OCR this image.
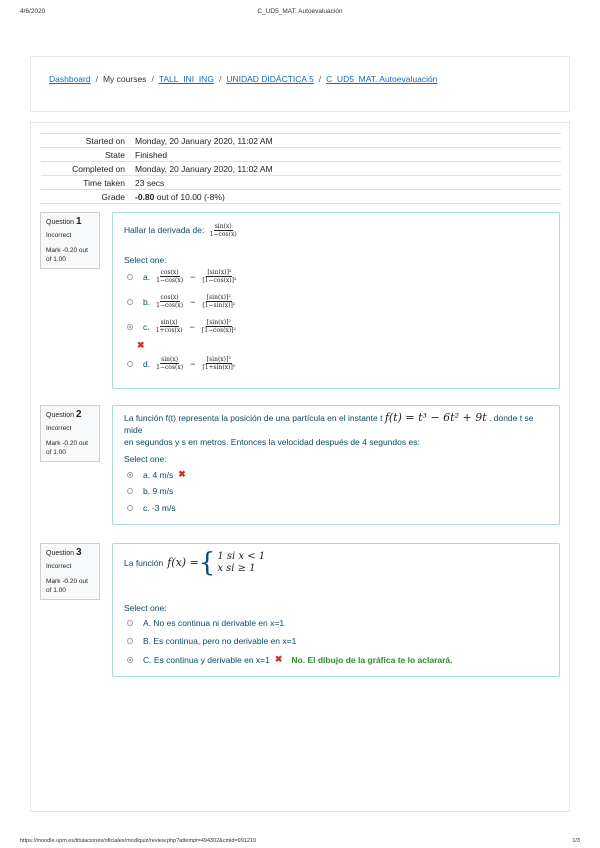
4/6/2020	C_UD5_MAT. Autoevaluación
Dashboard / My courses / TALL_INI_ING / UNIDAD DIDÁCTICA 5 / C_UD5_MAT. Autoevaluación
Started on	Monday, 20 January 2020, 11:02 AM
State	Finished
Completed on	Monday, 20 January 2020, 11:02 AM
Time taken	23 secs
Grade	-0.80 out of 10.00 (-8%)
Question 1
Incorrect
Mark -0.20 out of 1.00
Hallar la derivada de: $\frac{\sin(x)}{1-\cos(x)}$
Select one:
a. $\frac{\cos(x)}{1-\cos(x)} - \frac{\text{[sin(x)]²}}{\text{[1−cos(x)]²}}$
b. $\frac{\cos(x)}{1-\cos(x)} - \frac{\text{[sin(x)]²}}{\text{[1−sin(x)]²}}$
c. $\frac{\sin(x)}{1+\cos(x)} - \frac{\text{[sin(x)]²}}{\text{[1−cos(x)]²}}$
✖
d. $\frac{\sin(x)}{1-\cos(x)} - \frac{\text{[sin(x)]²}}{\text{[1+sin(x)]²}}$
Question 2
Incorrect
Mark -0.20 out of 1.00
La función f(t) representa la posición de una partícula en el instante t f(t) = t³ − 6t² + 9t . donde t se mide
en segundos y s en metros. Entonces la velocidad después de 4 segundos es:
Select one:
a. 4 m/s ✖
b. 9 m/s
c. -3 m/s
Question 3
Incorrect
Mark -0.20 out of 1.00
La función f(x) = { 1 si x < 1
x si ≥ 1
Select one:
A. No es continua ni derivable en x=1
B. Es continua, pero no derivable en x=1
C. Es continua y derivable en x=1 ✖ No. El dibujo de la gráfica te lo aclarará.
https://moodle.upm.es/titulaciones/oficiales/mod/quiz/review.php?attempt=494302&cmid=991210	1/3
